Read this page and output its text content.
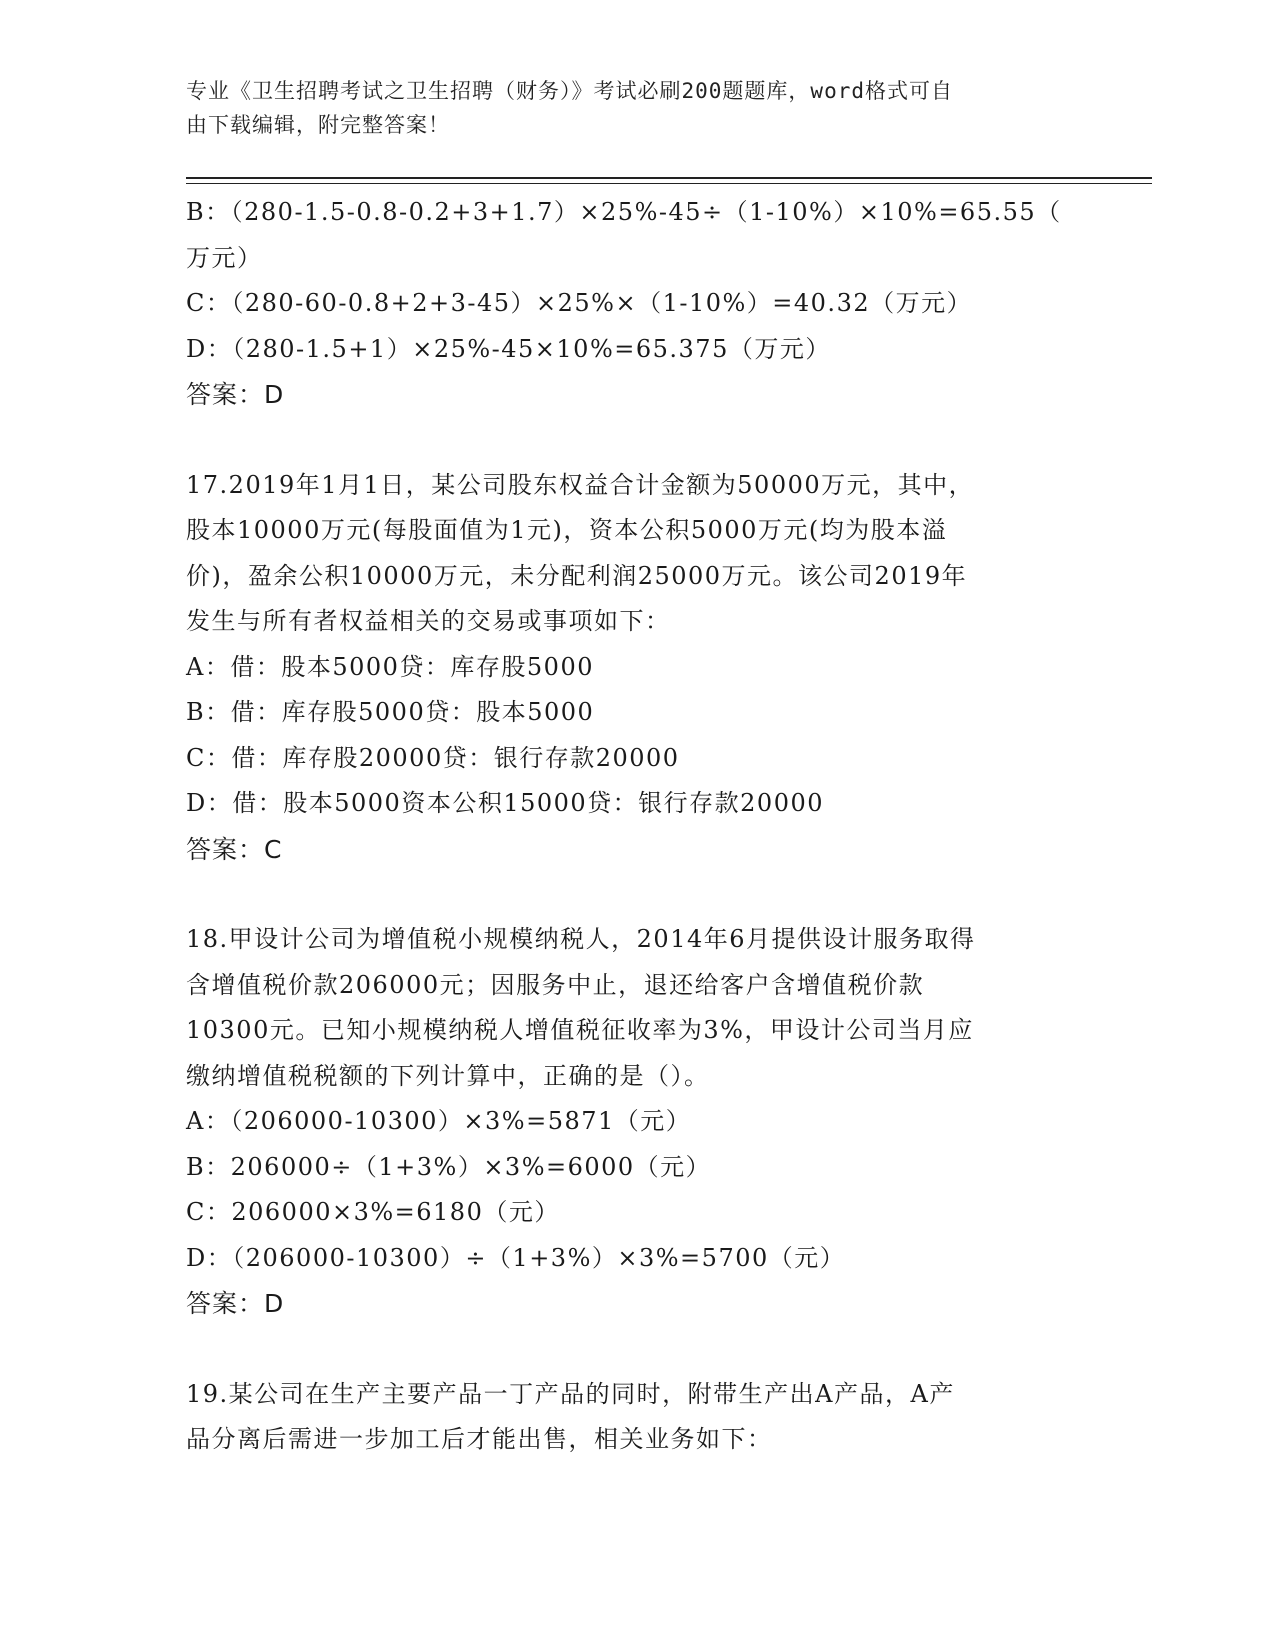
专业《卫生招聘考试之卫生招聘（财务）》考试必刷200题题库，word格式可自
由下载编辑，附完整答案！

B：（280-1.5-0.8-0.2+3+1.7）×25%-45÷（1-10%）×10%=65.55（

万元）

C：（280-60-0.8+2+3-45）×25%×（1-10%）=40.32（万元）

D：（280-1.5+1）×25%-45×10%=65.375（万元）

答案：D

17.2019年1月1日，某公司股东权益合计金额为50000万元，其中，

股本10000万元(每股面值为1元)，资本公积5000万元(均为股本溢

价)，盈余公积10000万元，未分配利润25000万元。该公司2019年

发生与所有者权益相关的交易或事项如下：

A：借：股本5000贷：库存股5000

B：借：库存股5000贷：股本5000

C：借：库存股20000贷：银行存款20000

D：借：股本5000资本公积15000贷：银行存款20000

答案：C

18.甲设计公司为增值税小规模纳税人，2014年6月提供设计服务取得

含增值税价款206000元；因服务中止，退还给客户含增值税价款

10300元。已知小规模纳税人增值税征收率为3%，甲设计公司当月应

缴纳增值税税额的下列计算中，正确的是（）。

A：（206000-10300）×3%=5871（元）

B：206000÷（1+3%）×3%=6000（元）

C：206000×3%=6180（元）

D：（206000-10300）÷（1+3%）×3%=5700（元）

答案：D

19.某公司在生产主要产品一丁产品的同时，附带生产出A产品，A产

品分离后需进一步加工后才能出售，相关业务如下：
